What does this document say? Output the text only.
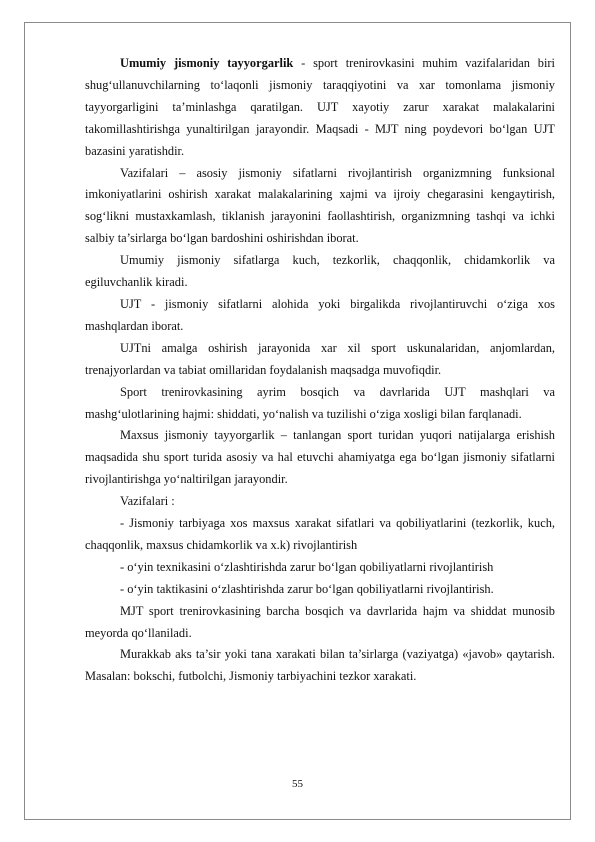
Umumiy jismoniy tayyorgarlik - sport trenirovkasini muhim vazifalaridan biri shug‘ullanuvchilarning to‘laqonli jismoniy taraqqiyotini va xar tomonlama jismoniy tayyorgarligini ta’minlashga qaratilgan. UJT xayotiy zarur xarakat malakalarini takomillashtirishga yunaltirilgan jarayondir. Maqsadi - MJT ning poydevori bo‘lgan UJT bazasini yaratishdir.

Vazifalari – asosiy jismoniy sifatlarni rivojlantirish organizmning funksional imkoniyatlarini oshirish xarakat malakalarining xajmi va ijroiy chegarasini kengaytirish, sog‘likni mustaxkamlash, tiklanish jarayonini faollashtirish, organizmning tashqi va ichki salbiy ta’sirlarga bo‘lgan bardoshini oshirishdan iborat.

Umumiy jismoniy sifatlarga kuch, tezkorlik, chaqqonlik, chidamkorlik va egiluvchanlik kiradi.

UJT - jismoniy sifatlarni alohida yoki birgalikda rivojlantiruvchi o‘ziga xos mashqlardan iborat.

UJTni amalga oshirish jarayonida xar xil sport uskunalaridan, anjomlardan, trenajyorlardan va tabiat omillaridan foydalanish maqsadga muvofiqdir.

Sport trenirovkasining ayrim bosqich va davrlarida UJT mashqlari va mashg‘ulotlarining hajmi: shiddati, yo‘nalish va tuzilishi o‘ziga xosligi bilan farqlanadi.

Maxsus jismoniy tayyorgarlik – tanlangan sport turidan yuqori natijalarga erishish maqsadida shu sport turida asosiy va hal etuvchi ahamiyatga ega bo‘lgan jismoniy sifatlarni rivojlantirishga yo‘naltirilgan jarayondir.

Vazifalari :

- Jismoniy tarbiyaga xos maxsus xarakat sifatlari va qobiliyatlarini (tezkorlik, kuch, chaqqonlik, maxsus chidamkorlik va x.k) rivojlantirish

- o‘yin texnikasini o‘zlashtirishda zarur bo‘lgan qobiliyatlarni rivojlantirish

- o‘yin taktikasini o‘zlashtirishda zarur bo‘lgan qobiliyatlarni rivojlantirish.

MJT sport trenirovkasining barcha bosqich va davrlarida hajm va shiddat munosib meyorda qo‘llaniladi.

Murakkab aks ta’sir yoki tana xarakati bilan ta’sirlarga (vaziyatga) «javob» qaytarish. Masalan: bokschi, futbolchi, Jismoniy tarbiyachini tezkor xarakati.

55
